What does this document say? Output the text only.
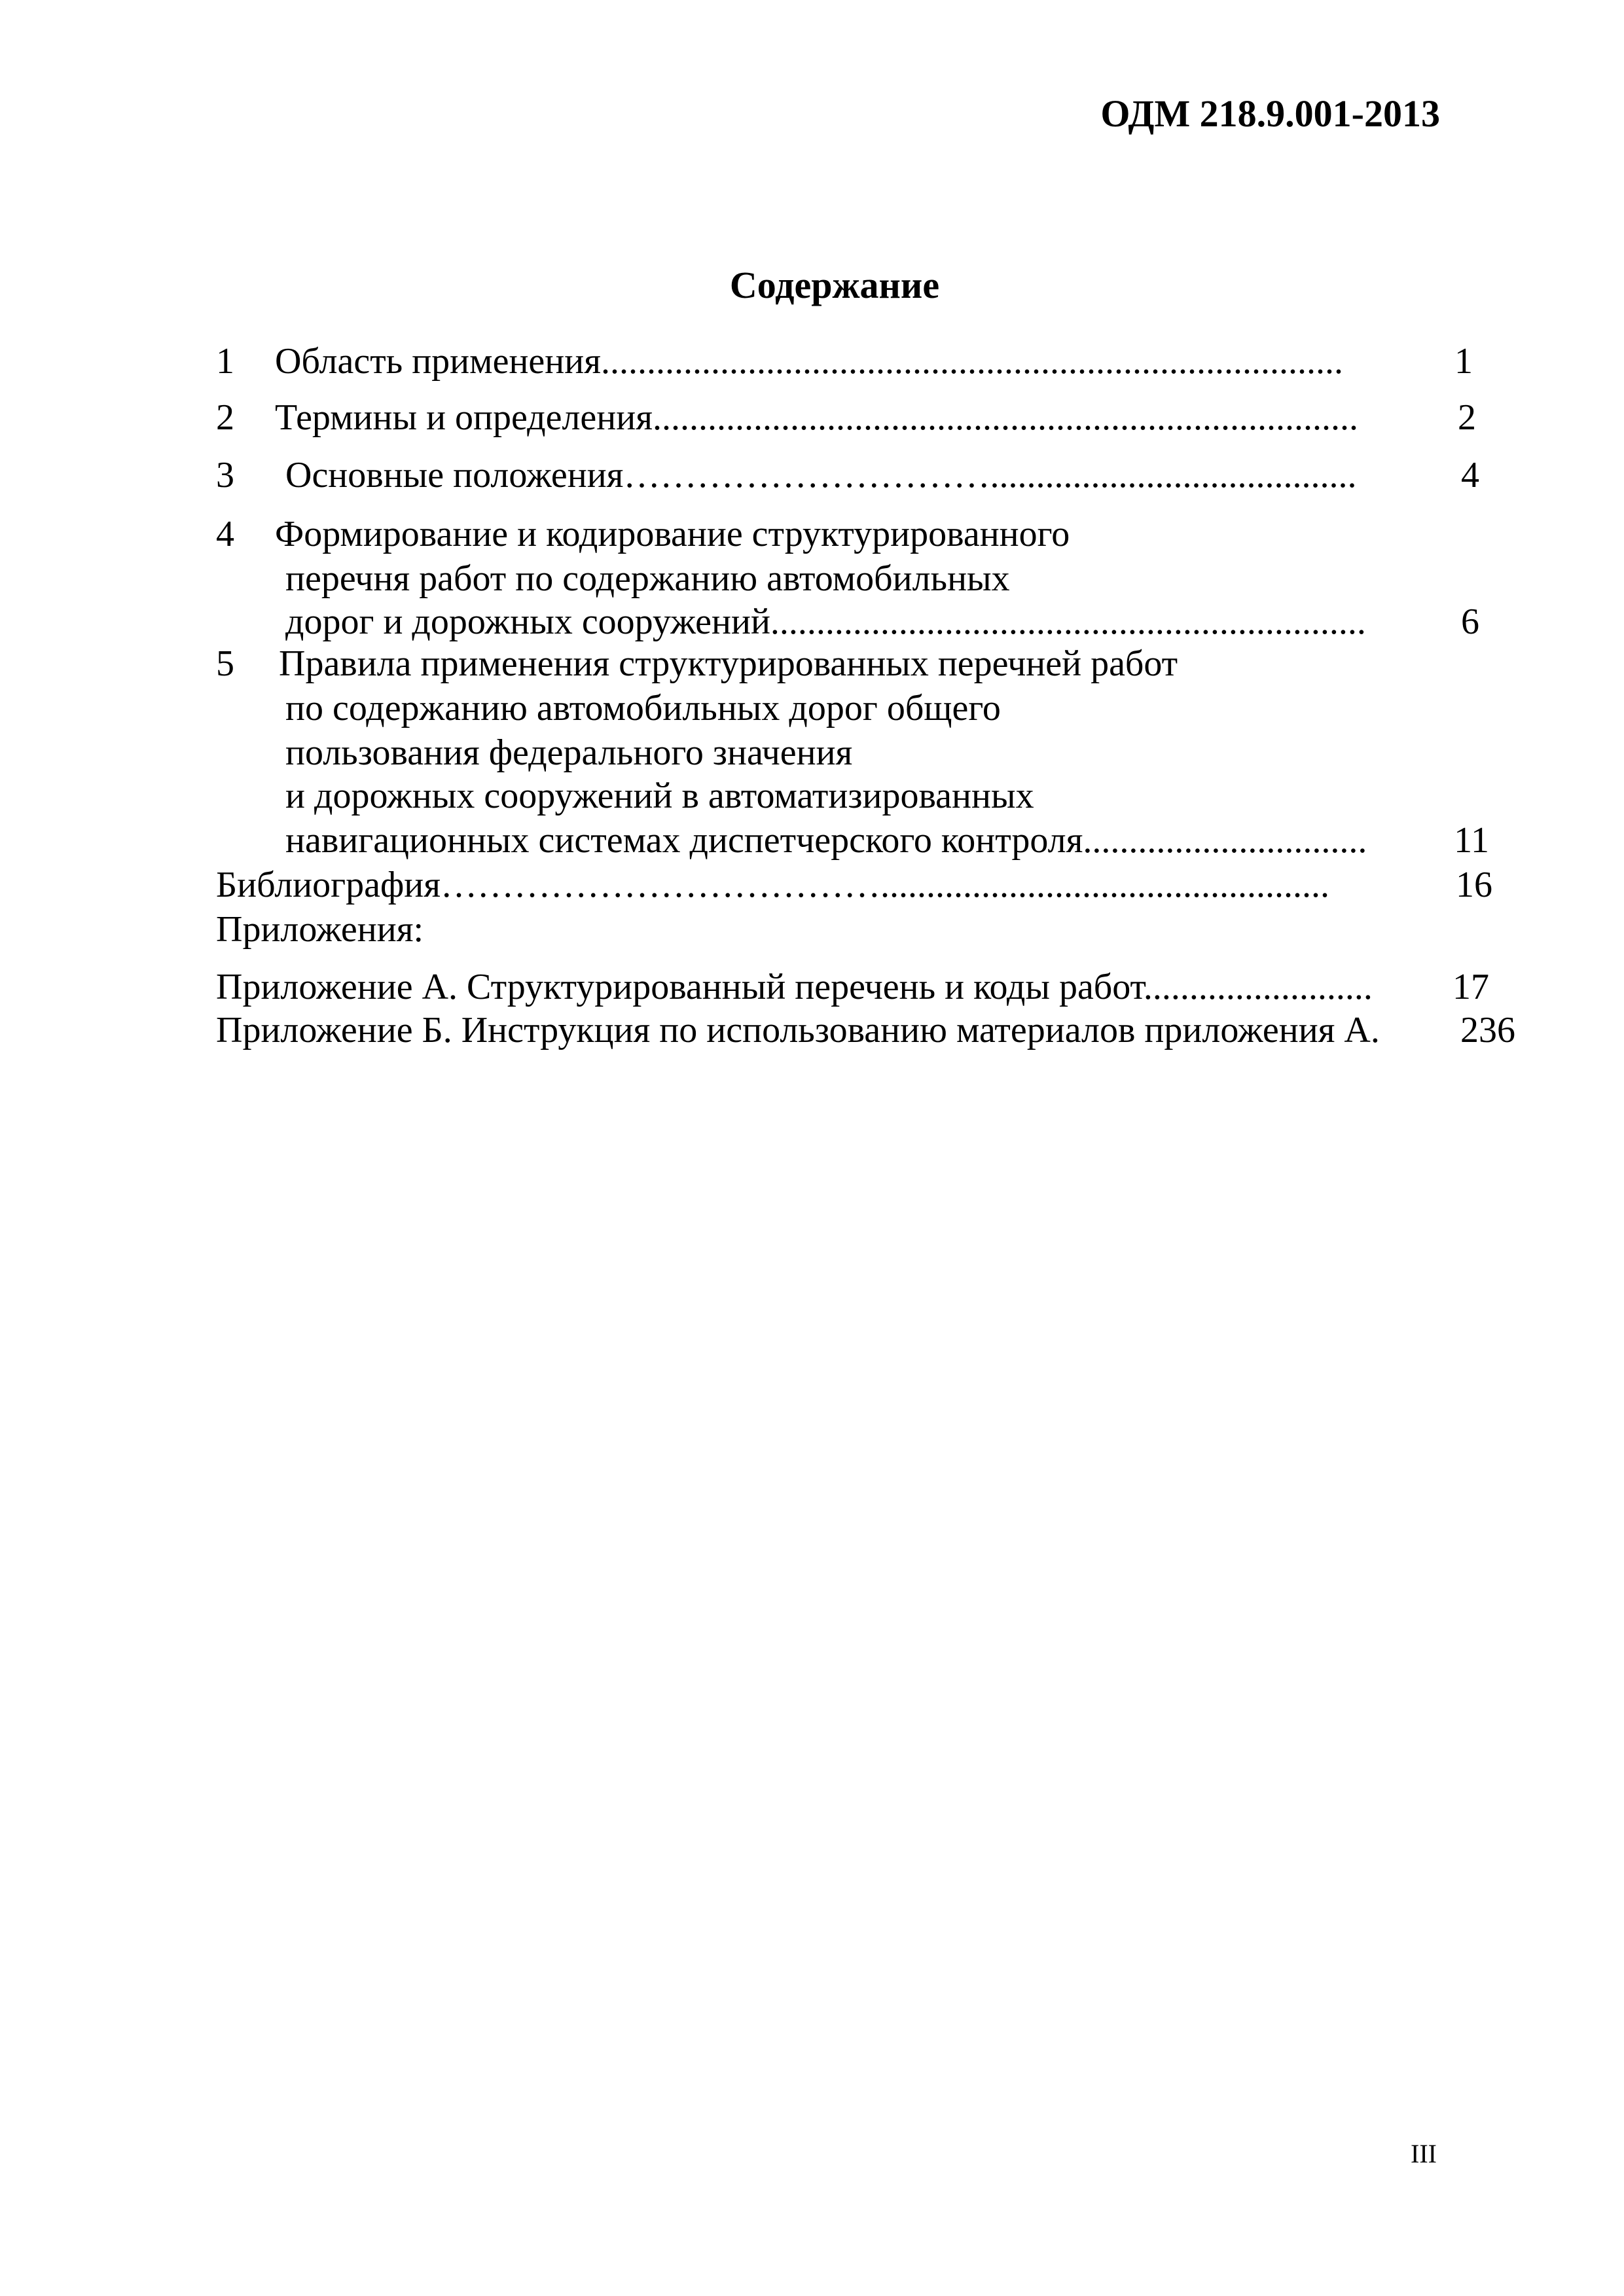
ОДМ 218.9.001-2013
Содержание
1 Область применения.................................................................................	1
2 Термины и определения.............................................................................	2
3 Основные положения…………………………........................................	4
4 Формирование и кодирование структурированного
перечня работ по содержанию автомобильных
дорог и дорожных сооружений.................................................................	6
5 Правила применения структурированных перечней работ
по содержанию автомобильных дорог общего
пользования федерального значения
и дорожных сооружений в автоматизированных
навигационных системах диспетчерского контроля...............................	11
Библиография……………………………….................................................	16
Приложения:
Приложение А. Структурированный перечень и коды работ.........................	17
Приложение Б. Инструкция по использованию материалов приложения А.	236
III
